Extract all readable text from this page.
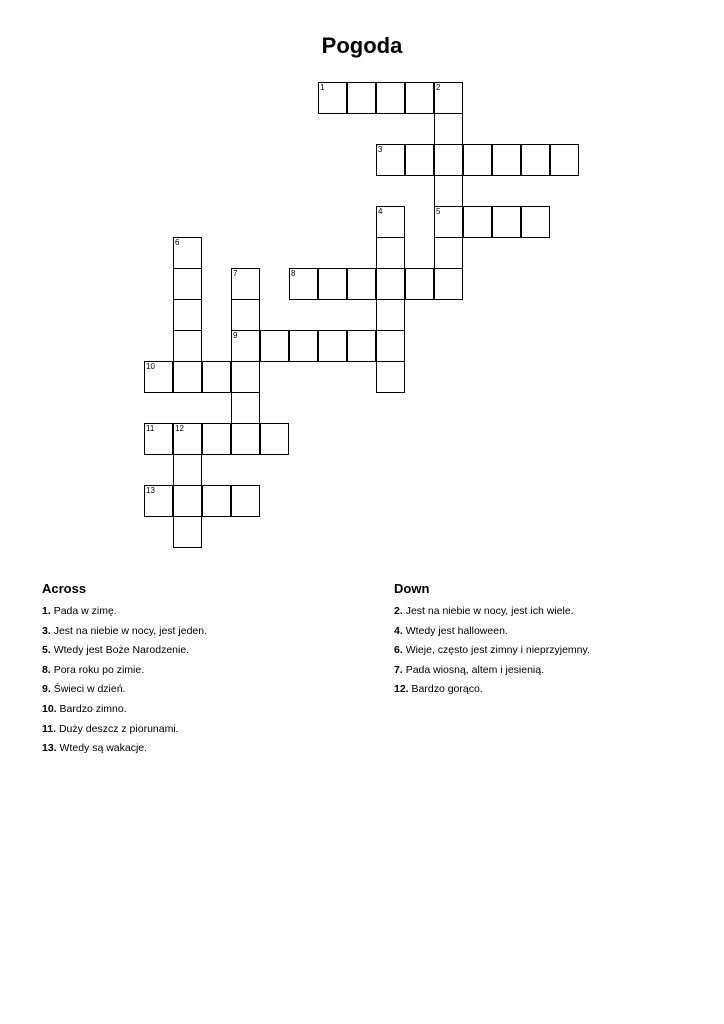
Pogoda
1	2
3
4	5
6
7	8
9
10
11	12
13
Across
1. Pada w zimę.
3. Jest na niebie w nocy, jest jeden.
5. Wtedy jest Boże Narodzenie.
8. Pora roku po zimie.
9. Świeci w dzień.
10. Bardzo zimno.
11. Duży deszcz z piorunami.
13. Wtedy są wakacje.
Down
2. Jest na niebie w nocy, jest ich wiele.
4. Wtedy jest halloween.
6. Wieje, często jest zimny i nieprzyjemny.
7. Pada wiosną, altem i jesienią.
12. Bardzo gorąco.
